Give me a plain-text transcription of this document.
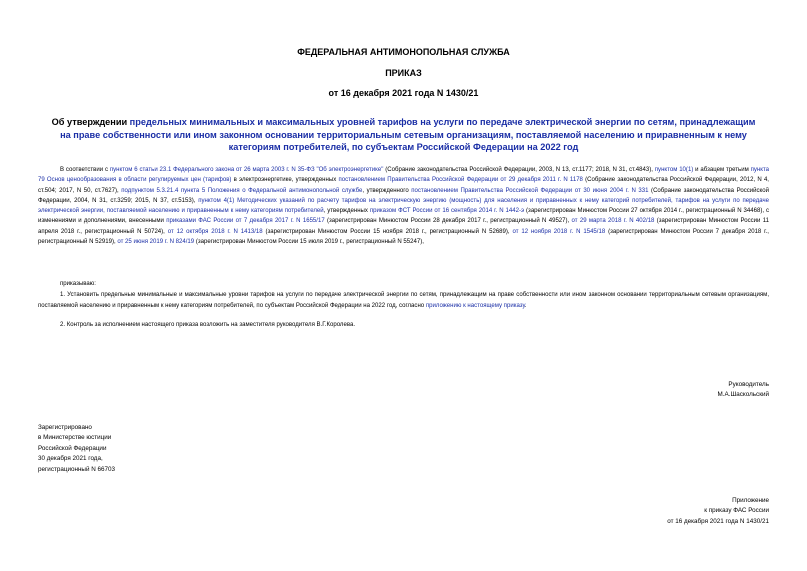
ФЕДЕРАЛЬНАЯ АНТИМОНОПОЛЬНАЯ СЛУЖБА
ПРИКАЗ
от 16 декабря 2021 года N 1430/21
Об утверждении предельных минимальных и максимальных уровней тарифов на услуги по передаче электрической энергии по сетям, принадлежащим на праве собственности или ином законном основании территориальным сетевым организациям, поставляемой населению и приравненным к нему категориям потребителей, по субъектам Российской Федерации на 2022 год

В соответствии с пунктом 6 статьи 23.1 Федерального закона от 26 марта 2003 г. N 35-ФЗ "Об электроэнергетике" (Собрание законодательства Российской Федерации, 2003, N 13, ст.1177; 2018, N 31, ст.4843), пунктом 10(1) и абзацем третьим пункта 79 Основ ценообразования в области регулируемых цен (тарифов) в электроэнергетике, утвержденных постановлением Правительства Российской Федерации от 29 декабря 2011 г. N 1178 (Собрание законодательства Российской Федерации, 2012, N 4, ст.504; 2017, N 50, ст.7627), подпунктом 5.3.21.4 пункта 5 Положения о Федеральной антимонопольной службе, утвержденного постановлением Правительства Российской Федерации от 30 июня 2004 г. N 331 (Собрание законодательства Российской Федерации, 2004, N 31, ст.3259; 2015, N 37, ст.5153), пунктом 4(1) Методических указаний по расчету тарифов на электрическую энергию (мощность) для населения и приравненных к нему категорий потребителей, тарифов на услуги по передаче электрической энергии, поставляемой населению и приравненным к нему категориям потребителей, утвержденных приказом ФСТ России от 16 сентября 2014 г. N 1442-э (зарегистрирован Минюстом России 27 октября 2014 г., регистрационный N 34468), с изменениями и дополнениями, внесенными приказами ФАС России от 7 декабря 2017 г. N 1655/17 (зарегистрирован Минюстом России 28 декабря 2017 г., регистрационный N 49527), от 29 марта 2018 г. N 402/18 (зарегистрирован Минюстом России 11 апреля 2018 г., регистрационный N 50724), от 12 октября 2018 г. N 1413/18 (зарегистрирован Минюстом России 15 ноября 2018 г., регистрационный N 52689), от 12 ноября 2018 г. N 1545/18 (зарегистрирован Минюстом России 7 декабря 2018 г., регистрационный N 52919), от 25 июня 2019 г. N 824/19 (зарегистрирован Минюстом России 15 июля 2019 г., регистрационный N 55247),

приказываю:

1. Установить предельные минимальные и максимальные уровни тарифов на услуги по передаче электрической энергии по сетям, принадлежащим на праве собственности или ином законном основании территориальным сетевым организациям, поставляемой населению и приравненным к нему категориям потребителей, по субъектам Российской Федерации на 2022 год, согласно приложению к настоящему приказу.

2. Контроль за исполнением настоящего приказа возложить на заместителя руководителя В.Г.Королева.

Руководитель
М.А.Шаскольский
Зарегистрировано
в Министерстве юстиции
Российской Федерации
30 декабря 2021 года,
регистрационный N 66703
Приложение
к приказу ФАС России
от 16 декабря 2021 года N 1430/21
